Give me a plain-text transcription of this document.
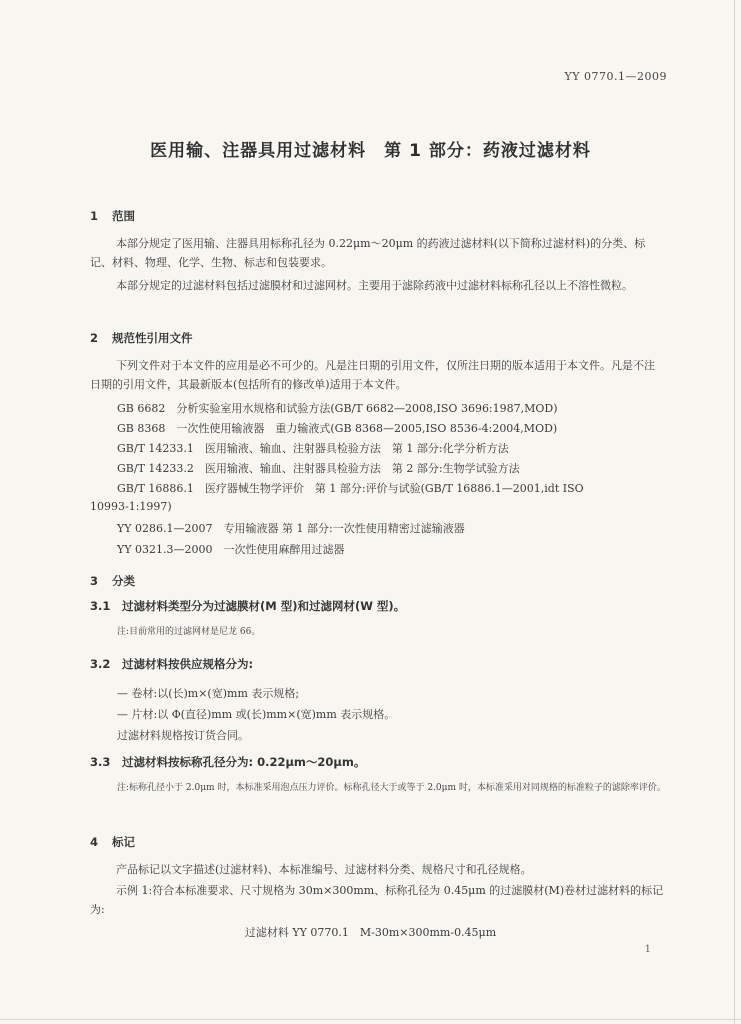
YY 0770.1—2009
医用输、注器具用过滤材料　第 1 部分：药液过滤材料
1 范围
本部分规定了医用输、注器具用标称孔径为 0.22μm～20μm 的药液过滤材料(以下简称过滤材料)的分类、标记、材料、物理、化学、生物、标志和包装要求。
本部分规定的过滤材料包括过滤膜材和过滤网材。主要用于滤除药液中过滤材料标称孔径以上不溶性微粒。
2 规范性引用文件
下列文件对于本文件的应用是必不可少的。凡是注日期的引用文件，仅所注日期的版本适用于本文件。凡是不注日期的引用文件，其最新版本(包括所有的修改单)适用于本文件。
GB 6682　分析实验室用水规格和试验方法(GB/T 6682—2008,ISO 3696:1987,MOD)
GB 8368　一次性使用输液器　重力输液式(GB 8368—2005,ISO 8536-4:2004,MOD)
GB/T 14233.1　医用输液、输血、注射器具检验方法　第 1 部分:化学分析方法
GB/T 14233.2　医用输液、输血、注射器具检验方法　第 2 部分:生物学试验方法
GB/T 16886.1　医疗器械生物学评价　第 1 部分:评价与试验(GB/T 16886.1—2001,idt ISO
10993-1:1997)
YY 0286.1—2007　专用输液器 第 1 部分:一次性使用精密过滤输液器
YY 0321.3—2000　一次性使用麻醉用过滤器
3 分类
3.1 过滤材料类型分为过滤膜材(M 型)和过滤网材(W 型)。
注:目前常用的过滤网材是尼龙 66。
3.2 过滤材料按供应规格分为:
— 卷材:以(长)m×(宽)mm 表示规格;
— 片材:以 Φ(直径)mm 或(长)mm×(宽)mm 表示规格。
过滤材料规格按订货合同。
3.3 过滤材料按标称孔径分为: 0.22μm～20μm。
注:标称孔径小于 2.0μm 时，本标准采用泡点压力评价。标称孔径大于或等于 2.0μm 时，本标准采用对同规格的标准粒子的滤除率评价。
4 标记
产品标记以文字描述(过滤材料)、本标准编号、过滤材料分类、规格尺寸和孔径规格。
示例 1:符合本标准要求、尺寸规格为 30m×300mm、标称孔径为 0.45μm 的过滤膜材(M)卷材过滤材料的标记为:
过滤材料 YY 0770.1　M-30m×300mm-0.45μm
1
